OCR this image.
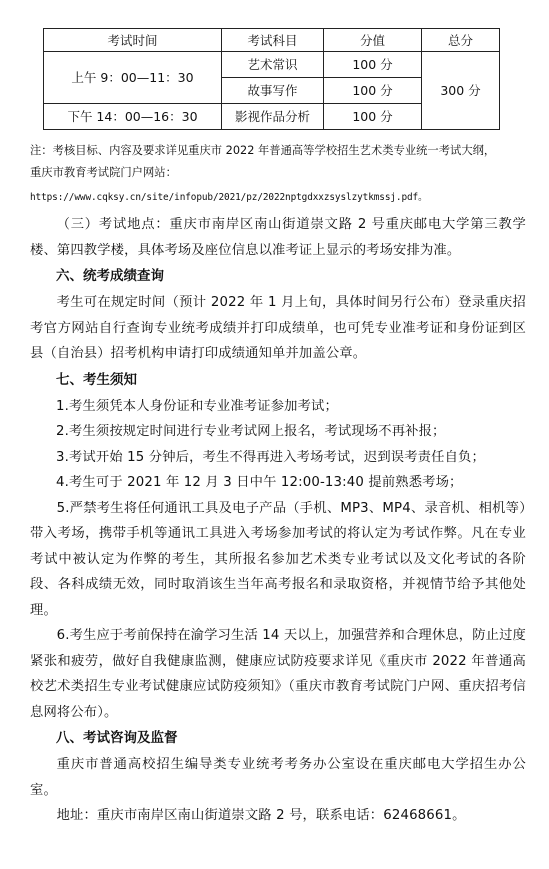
考试时间	考试科目	分值	总分
上午 9：00—11：30	艺术常识	100 分	300 分
	故事写作	100 分	
下午 14：00—16：30	影视作品分析	100 分	

注：考核目标、内容及要求详见重庆市 2022 年普通高等学校招生艺术类专业统一考试大纲，

重庆市教育考试院门户网站：

https://www.cqksy.cn/site/infopub/2021/pz/2022nptgdxxzsyslzytkmssj.pdf。

（三）考试地点：重庆市南岸区南山街道崇文路 2 号重庆邮电大学第三教学楼、第四教学楼，具体考场及座位信息以准考证上显示的考场安排为准。

六、统考成绩查询

考生可在规定时间（预计 2022 年 1 月上旬，具体时间另行公布）登录重庆招考官方网站自行查询专业统考成绩并打印成绩单，也可凭专业准考证和身份证到区县（自治县）招考机构申请打印成绩通知单并加盖公章。

七、考生须知

1.考生须凭本人身份证和专业准考证参加考试；

2.考生须按规定时间进行专业考试网上报名，考试现场不再补报；

3.考试开始 15 分钟后，考生不得再进入考场考试，迟到误考责任自负；

4.考生可于 2021 年 12 月 3 日中午 12:00-13:40 提前熟悉考场；

5.严禁考生将任何通讯工具及电子产品（手机、MP3、MP4、录音机、相机等）带入考场，携带手机等通讯工具进入考场参加考试的将认定为考试作弊。凡在专业考试中被认定为作弊的考生，其所报名参加艺术类专业考试以及文化考试的各阶段、各科成绩无效，同时取消该生当年高考报名和录取资格，并视情节给予其他处理。

6.考生应于考前保持在渝学习生活 14 天以上，加强营养和合理休息，防止过度紧张和疲劳，做好自我健康监测，健康应试防疫要求详见《重庆市 2022 年普通高校艺术类招生专业考试健康应试防疫须知》（重庆市教育考试院门户网、重庆招考信息网将公布）。

八、考试咨询及监督

重庆市普通高校招生编导类专业统考考务办公室设在重庆邮电大学招生办公室。

地址：重庆市南岸区南山街道崇文路 2 号，联系电话：62468661。
